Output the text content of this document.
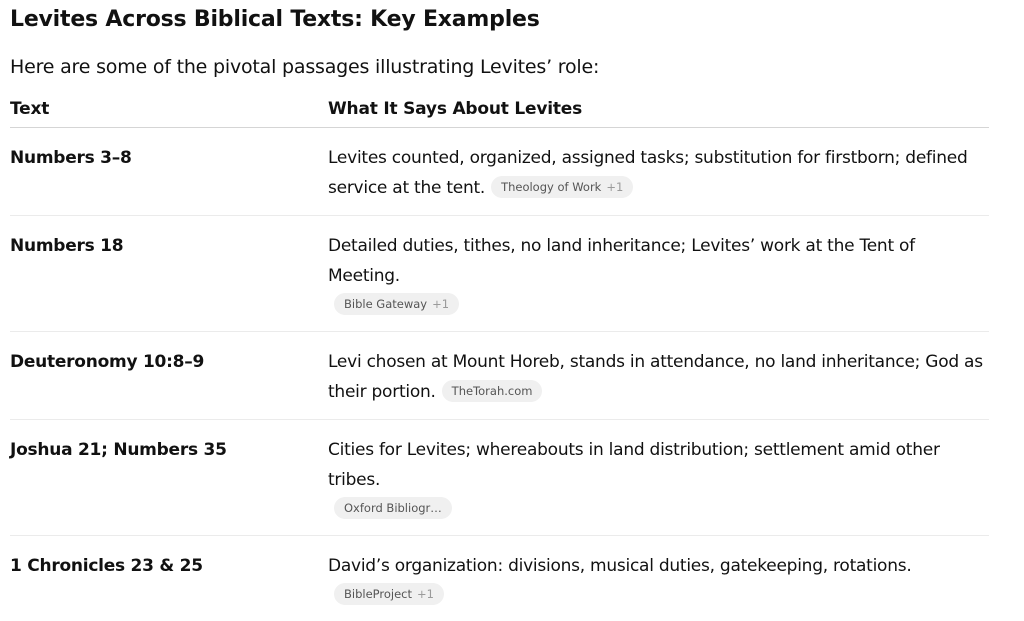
Levites Across Biblical Texts: Key Examples

Here are some of the pivotal passages illustrating Levites’ role:

Text	What It Says About Levites
Numbers 3–8	Levites counted, organized, assigned tasks; substitution for firstborn; defined service at the tent. Theology of Work +1
Numbers 18	Detailed duties, tithes, no land inheritance; Levites’ work at the Tent of Meeting.
Bible Gateway +1

Deuteronomy 10:8–9	Levi chosen at Mount Horeb, stands in attendance, no land inheritance; God as their portion. TheTorah.com
Joshua 21; Numbers 35	Cities for Levites; whereabouts in land distribution; settlement amid other tribes.
Oxford Bibliogr…

1 Chronicles 23 & 25	David’s organization: divisions, musical duties, gatekeeping, rotations.
BibleProject +1
